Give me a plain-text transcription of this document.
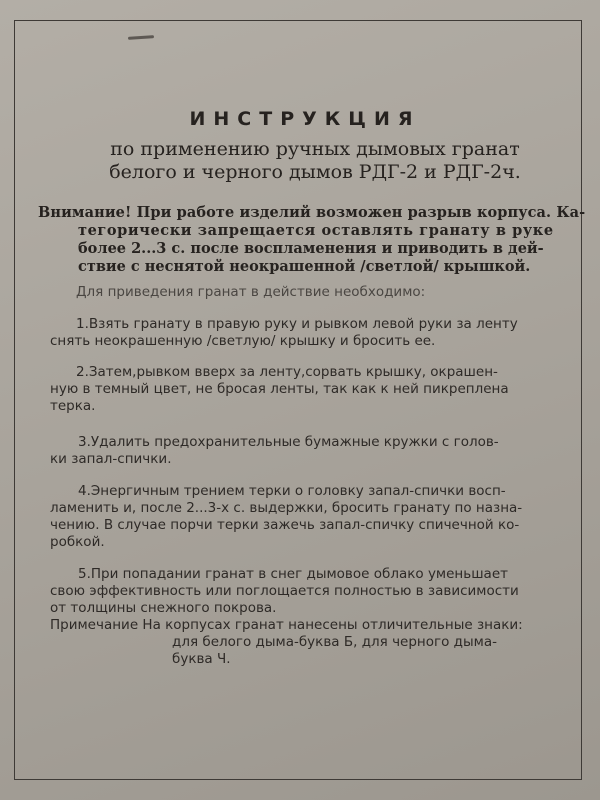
ИНСТРУКЦИЯ
по применению ручных дымовых гранат
белого и черного дымов РДГ-2 и РДГ-2ч.
Внимание! При работе изделий возможен разрыв корпуса. Ка-
тегорически запрещается оставлять гранату в руке
более 2...3 с. после воспламенения и приводить в дей-
ствие с неснятой неокрашенной /светлой/ крышкой.
Для приведения гранат в действие необходимо:
1.Взять гранату в правую руку и рывком левой руки за ленту
снять неокрашенную /светлую/ крышку и бросить ее.
2.Затем,рывком вверх за ленту,сорвать крышку, окрашен-
ную в темный цвет, не бросая ленты, так как к ней пикреплена
терка.
3.Удалить предохранительные бумажные кружки с голов-
ки запал-спички.
4.Энергичным трением терки о головку запал-спички восп-
ламенить и, после 2...3-х с. выдержки, бросить гранату по назна-
чению. В случае порчи терки зажечь запал-спичку спичечной ко-
робкой.
5.При попадании гранат в снег дымовое облако уменьшает
свою эффективность или поглощается полностью в зависимости
от толщины снежного покрова.
Примечание На корпусах гранат нанесены отличительные знаки:
для белого дыма-буква Б, для черного дыма-
буква Ч.
